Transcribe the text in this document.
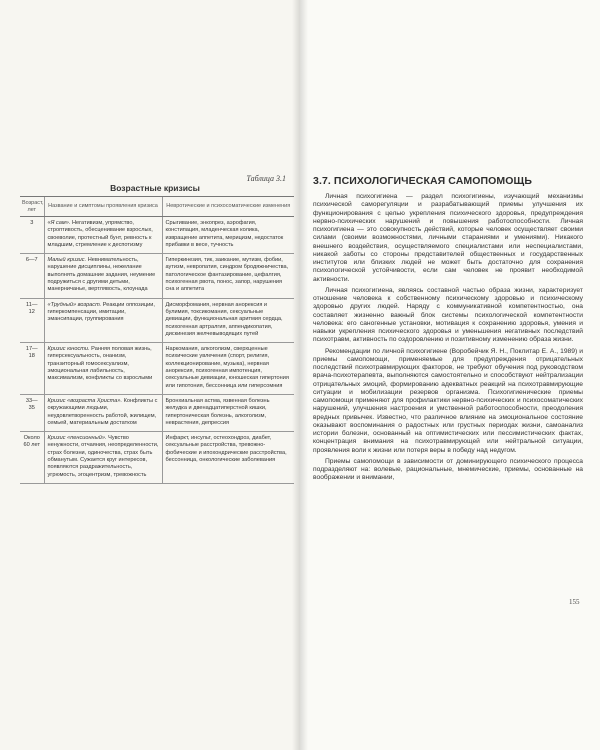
Таблица 3.1
Возрастные кризисы
Возраст, лет	Название и симптомы проявления кризиса	Невротические и психосоматические изменения
3	«Я сам». Негативизм, упрямство, строптивость, обесценивание взрослых, своеволие, протестный бунт, ревность к младшим, стремление к деспотизму	Срыгивание, энкопрез, аэрофагия, констипация, младенческая колика, извращение аппетита, мерицизм, недостаток прибавки в весе, тучность
6—7	Малый кризис. Невнимательность, нарушение дисциплины, нежелание выполнять домашние задания, неумение подружиться с другими детьми, манерничанье, вертлявость, клоунада	Гиперкинезия, тик, заикание, мутизм, фобии, аутизм, невропатия, синдром бродяжничества, патологическое фантазирование, цефалгия, психогенная рвота, понос, запор, нарушения сна и аппетита
11—12	«Трудный» возраст. Реакции оппозиции, гиперкомпенсации, имитации, эмансипации, группирования	Дисморфомания, нервная анорексия и булимия, токсикомания, сексуальные девиации, функциональная аритмия сердца, психогенная артралгия, аппендикопатия, дискинезия желчевыводящих путей
17—18	Кризис юности. Ранняя половая жизнь, гиперсексуальность, онанизм, транзиторный гомосексуализм, эмоциональная лабильность, максимализм, конфликты со взрослыми	Наркомания, алкоголизм, сверхценные психические увлечения (спорт, религия, коллекционирование, музыка), нервная анорексия, психогенная импотенция, сексуальные девиации, юношеская гипертония или гипотония, бессонница или гиперсомния
33—35	Кризис «возраста Христа». Конфликты с окружающими людьми, неудовлетворенность работой, жилищем, семьей, материальным достатком	Бронхиальная астма, язвенная болезнь желудка и двенадцатиперстной кишки, гипертоническая болезнь, алкоголизм, неврастения, депрессия
Около 60 лет	Кризис «пенсионный». Чувство ненужности, отчаяния, неопределенности, страх болезни, одиночества, страх быть обманутым. Сужается круг интересов, появляются раздражительность, угрюмость, эгоцентризм, тревожность	Инфаркт, инсульт, остеохондроз, диабет, сексуальные расстройства, тревожно-фобические и ипохондрические расстройства, бессонница, онкологические заболевания
3.7. ПСИХОЛОГИЧЕСКАЯ САМОПОМОЩЬ

Личная психогигиена — раздел психогигиены, изучающий механизмы психической саморегуляции и разрабатывающий приемы улучшения их функционирования с целью укрепления психического здоровья, предупреждения нервно-психических нарушений и повышения работоспособности. Личная психогигиена — это совокупность действий, которые человек осуществляет своими силами (своими возможностями, личными стараниями и умениями). Никакого внешнего воздействия, осуществляемого специалистами или неспециалистами, никакой заботы со стороны представителей общественных и государственных институтов или близких людей не может быть достаточно для сохранения психологической устойчивости, если сам человек не проявит необходимой активности.

Личная психогигиена, являясь составной частью образа жизни, характеризует отношение человека к собственному психическому здоровью и психическому здоровью других людей. Наряду с коммуникативной компетентностью, она составляет жизненно важный блок системы психологической компетентности человека: его саногенные установки, мотивация к сохранению здоровья, умения и навыки укрепления психического здоровья и уменьшения негативных последствий психотравм, активность по оздоровлению и позитивному изменению образа жизни.

Рекомендации по личной психогигиене (Воробейчик Я. Н., Поклитар Е. А., 1989) и приемы самопомощи, применяемые для предупреждения отрицательных последствий психотравмирующих факторов, не требуют обучения под руководством врача-психотерапевта, выполняются самостоятельно и способствуют нейтрализации отрицательных эмоций, формированию адекватных реакций на психотравмирующие ситуации и мобилизации резервов организма. Психогигиенические приемы самопомощи применяют для профилактики нервно-психических и психосоматических нарушений, улучшения настроения и умственной работоспособности, преодоления вредных привычек. Известно, что различное влияние на эмоциональное состояние оказывают воспоминания о радостных или грустных периодах жизни, самоанализ истории болезни, основанный на оптимистических или пессимистических фактах, концентрация внимания на психотравмирующей или нейтральной ситуации, проявления воли к жизни или потеря веры в победу над недугом.

Приемы самопомощи в зависимости от доминирующего психического процесса подразделяют на: волевые, рациональные, мнемические, приемы, основанные на воображении и внимании,

155
